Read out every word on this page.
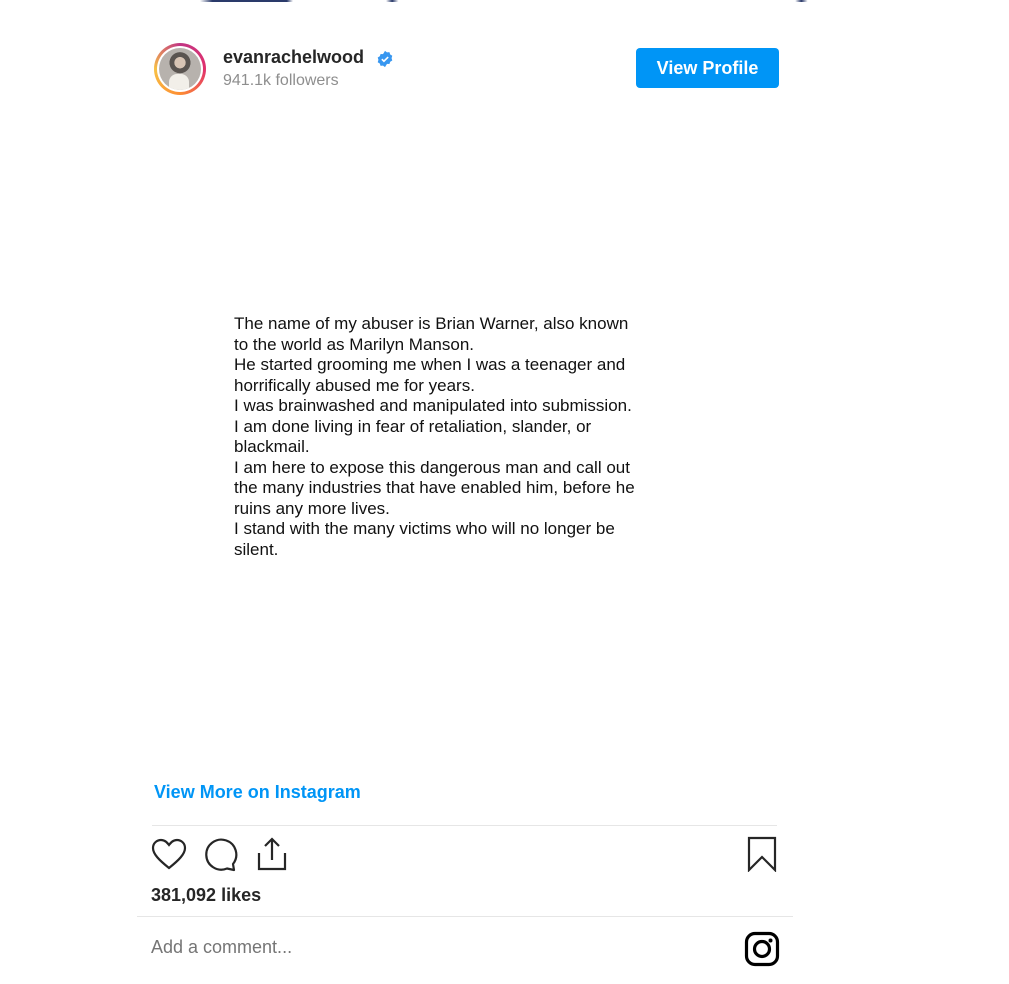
evanrachelwood
941.1k followers
View Profile
The name of my abuser is Brian Warner, also known
to the world as Marilyn Manson.
He started grooming me when I was a teenager and
horrifically abused me for years.
I was brainwashed and manipulated into submission.
I am done living in fear of retaliation, slander, or
blackmail.
I am here to expose this dangerous man and call out
the many industries that have enabled him, before he
ruins any more lives.
I stand with the many victims who will no longer be
silent.
View More on Instagram
381,092 likes
Add a comment...
